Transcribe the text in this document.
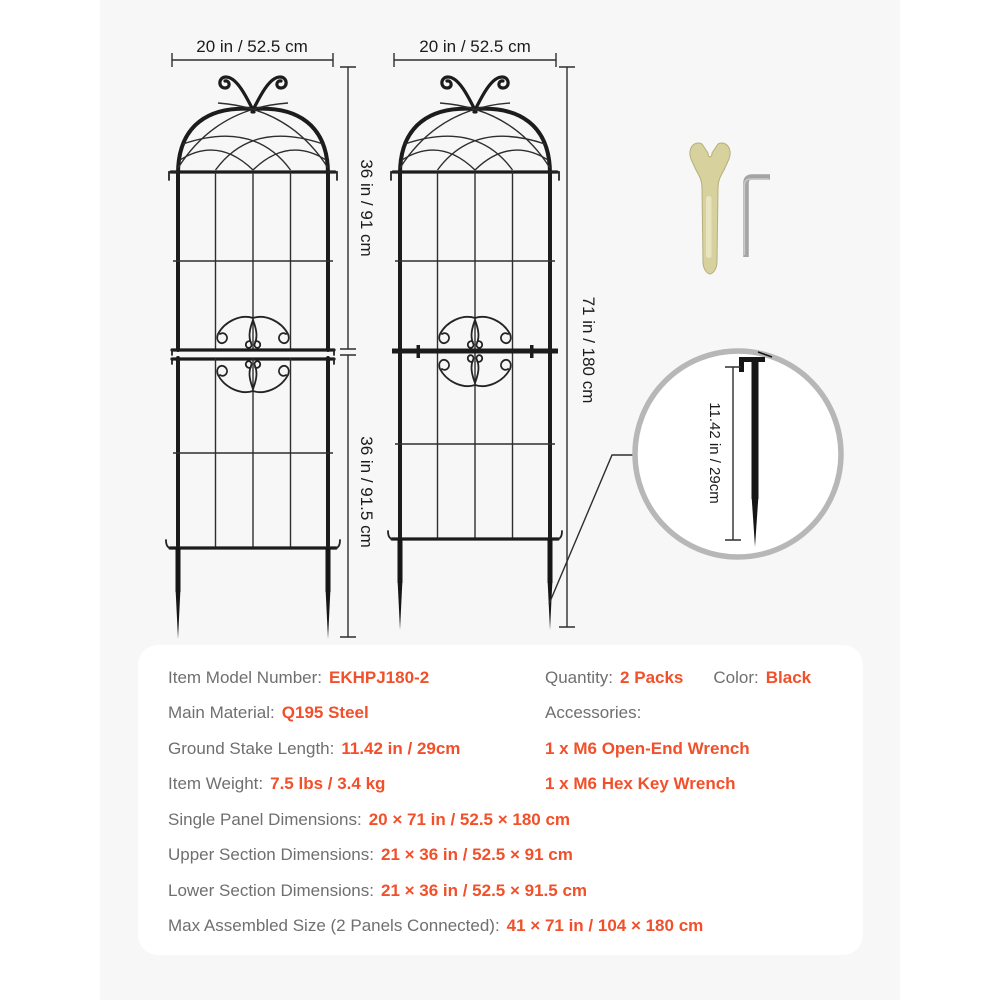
20 in / 52.5 cm	20 in / 52.5 cm
36 in / 91 cm
36 in / 91.5 cm
71 in / 180 cm
11.42 in / 29cm
Item Model Number: EKHPJ180-2
Main Material: Q195 Steel
Ground Stake Length: 11.42 in / 29cm
Item Weight: 7.5 lbs / 3.4 kg
Quantity: 2 Packs Color: Black
Accessories:
1 x M6 Open-End Wrench
1 x M6 Hex Key Wrench
Single Panel Dimensions: 20 × 71 in / 52.5 × 180 cm
Upper Section Dimensions: 21 × 36 in / 52.5 × 91 cm
Lower Section Dimensions: 21 × 36 in / 52.5 × 91.5 cm
Max Assembled Size (2 Panels Connected): 41 × 71 in / 104 × 180 cm
